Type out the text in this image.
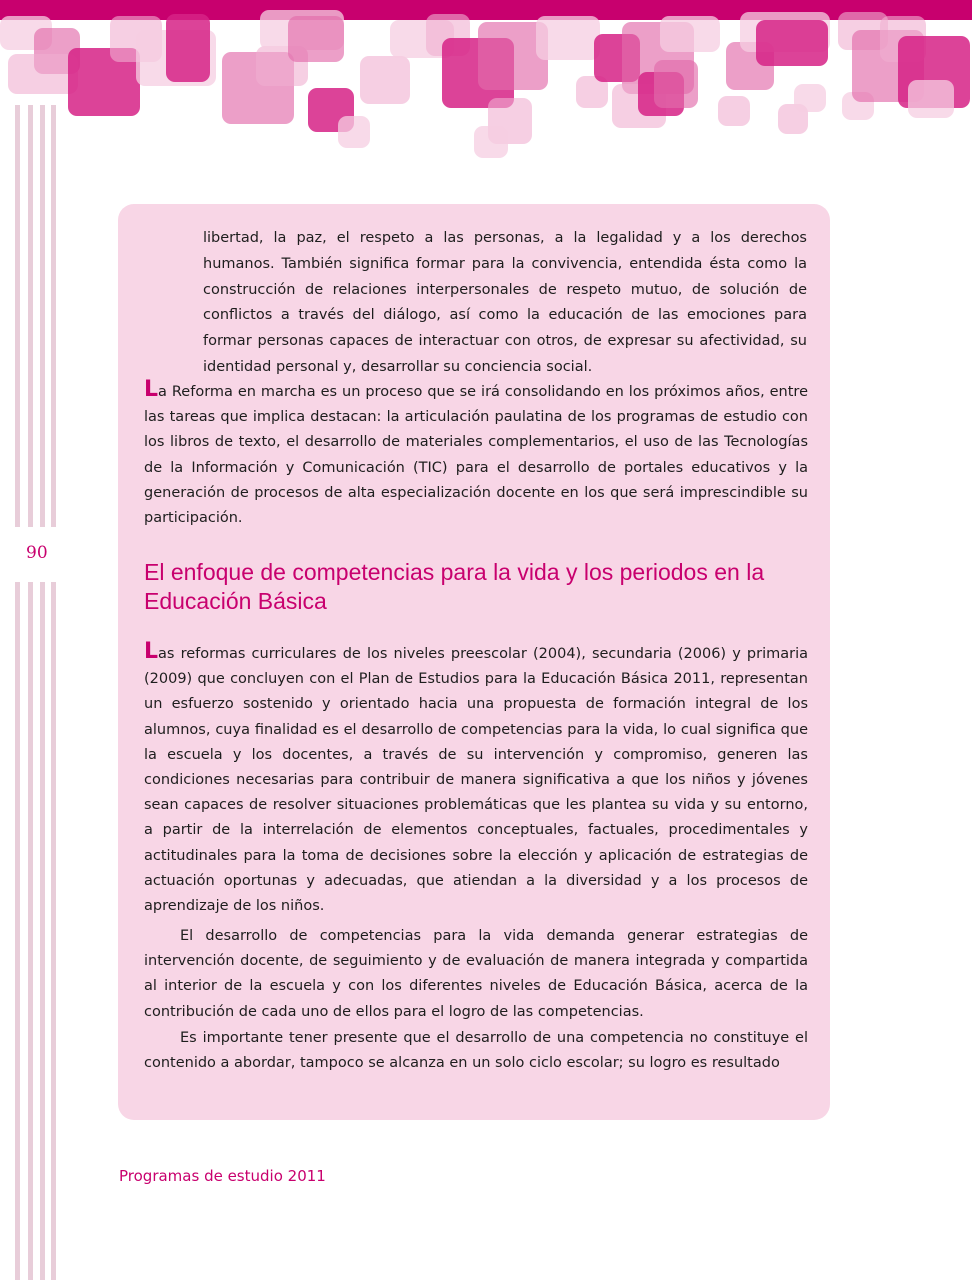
90

libertad, la paz, el respeto a las personas, a la legalidad y a los derechos humanos. También significa formar para la convivencia, entendida ésta como la construcción de relaciones interpersonales de respeto mutuo, de solución de conflictos a través del diálogo, así como la educación de las emociones para formar personas capaces de interactuar con otros, de expresar su afectividad, su identidad personal y, desarrollar su conciencia social.

La Reforma en marcha es un proceso que se irá consolidando en los próximos años, entre las tareas que implica destacan: la articulación paulatina de los programas de estudio con los libros de texto, el desarrollo de materiales complementarios, el uso de las Tecnologías de la Información y Comunicación (TIC) para el desarrollo de portales educativos y la generación de procesos de alta especialización docente en los que será imprescindible su participación.

El enfoque de competencias para la vida y los periodos en la Educación Básica

Las reformas curriculares de los niveles preescolar (2004), secundaria (2006) y primaria (2009) que concluyen con el Plan de Estudios para la Educación Básica 2011, representan un esfuerzo sostenido y orientado hacia una propuesta de formación integral de los alumnos, cuya finalidad es el desarrollo de competencias para la vida, lo cual significa que la escuela y los docentes, a través de su intervención y compromiso, generen las condiciones necesarias para contribuir de manera significativa a que los niños y jóvenes sean capaces de resolver situaciones problemáticas que les plantea su vida y su entorno, a partir de la interrelación de elementos conceptuales, factuales, procedimentales y actitudinales para la toma de decisiones sobre la elección y aplicación de estrategias de actuación oportunas y adecuadas, que atiendan a la diversidad y a los procesos de aprendizaje de los niños.

El desarrollo de competencias para la vida demanda generar estrategias de intervención docente, de seguimiento y de evaluación de manera integrada y compartida al interior de la escuela y con los diferentes niveles de Educación Básica, acerca de la contribución de cada uno de ellos para el logro de las competencias.

Es importante tener presente que el desarrollo de una competencia no constituye el contenido a abordar, tampoco se alcanza en un solo ciclo escolar; su logro es resultado

Programas de estudio 2011
